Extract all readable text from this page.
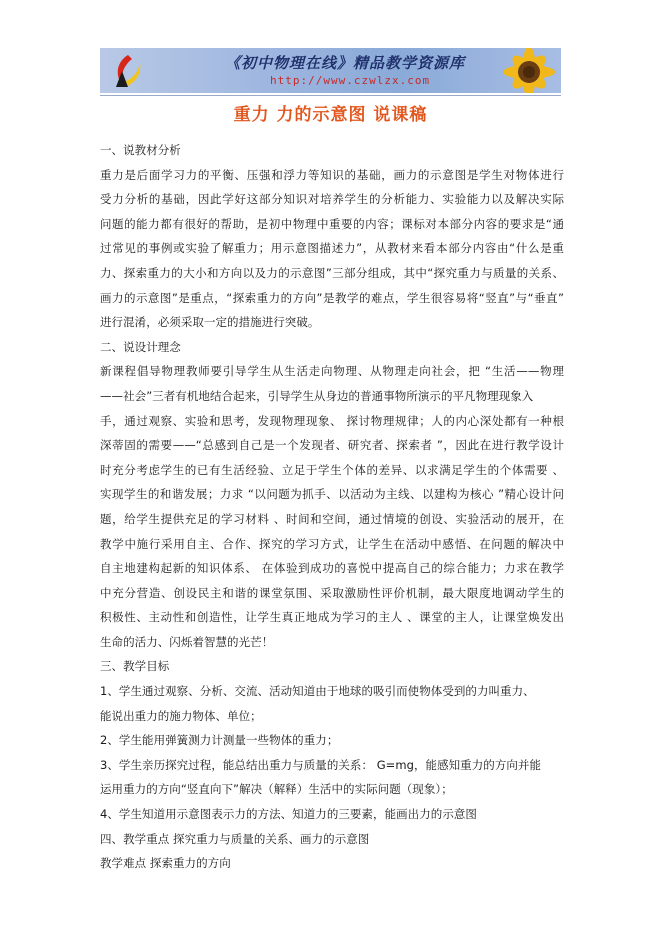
《初中物理在线》精品教学资源库
http://www.czwlzx.com
重力 力的示意图 说课稿
一、说教材分析
重力是后面学习力的平衡、压强和浮力等知识的基础，画力的示意图是学生对物体进行
受力分析的基础，因此学好这部分知识对培养学生的分析能力、实验能力以及解决实际
问题的能力都有很好的帮助，是初中物理中重要的内容；课标对本部分内容的要求是“通
过常见的事例或实验了解重力；用示意图描述力”，从教材来看本部分内容由“什么是重
力、探索重力的大小和方向以及力的示意图”三部分组成，其中“探究重力与质量的关系、
画力的示意图”是重点，“探索重力的方向”是教学的难点，学生很容易将“竖直”与“垂直”
进行混淆，必须采取一定的措施进行突破。
二、说设计理念
新课程倡导物理教师要引导学生从生活走向物理、从物理走向社会，把 “生活——物理
——社会”三者有机地结合起来，引导学生从身边的普通事物所演示的平凡物理现象入
手，通过观察、实验和思考，发现物理现象、 探讨物理规律；人的内心深处都有一种根
深蒂固的需要——“总感到自己是一个发现者、研究者、探索者 ”，因此在进行教学设计
时充分考虑学生的已有生活经验、立足于学生个体的差异、以求满足学生的个体需要 、
实现学生的和谐发展；力求 “以问题为抓手、以活动为主线、以建构为核心 ”精心设计问
题，给学生提供充足的学习材料 、时间和空间，通过情境的创设、实验活动的展开，在
教学中施行采用自主、合作、探究的学习方式，让学生在活动中感悟、在问题的解决中
自主地建构起新的知识体系、 在体验到成功的喜悦中提高自己的综合能力；力求在教学
中充分营造、创设民主和谐的课堂氛围、采取激励性评价机制，最大限度地调动学生的
积极性、主动性和创造性，让学生真正地成为学习的主人 、课堂的主人，让课堂焕发出
生命的活力、闪烁着智慧的光芒！
三、教学目标
1、学生通过观察、分析、交流、活动知道由于地球的吸引而使物体受到的力叫重力、
能说出重力的施力物体、单位；
2、学生能用弹簧测力计测量一些物体的重力；
3、学生亲历探究过程，能总结出重力与质量的关系： G=mg，能感知重力的方向并能
运用重力的方向“竖直向下”解决（解释）生活中的实际问题（现象）；
4、学生知道用示意图表示力的方法、知道力的三要素，能画出力的示意图
四、教学重点 探究重力与质量的关系、画力的示意图
教学难点 探索重力的方向
